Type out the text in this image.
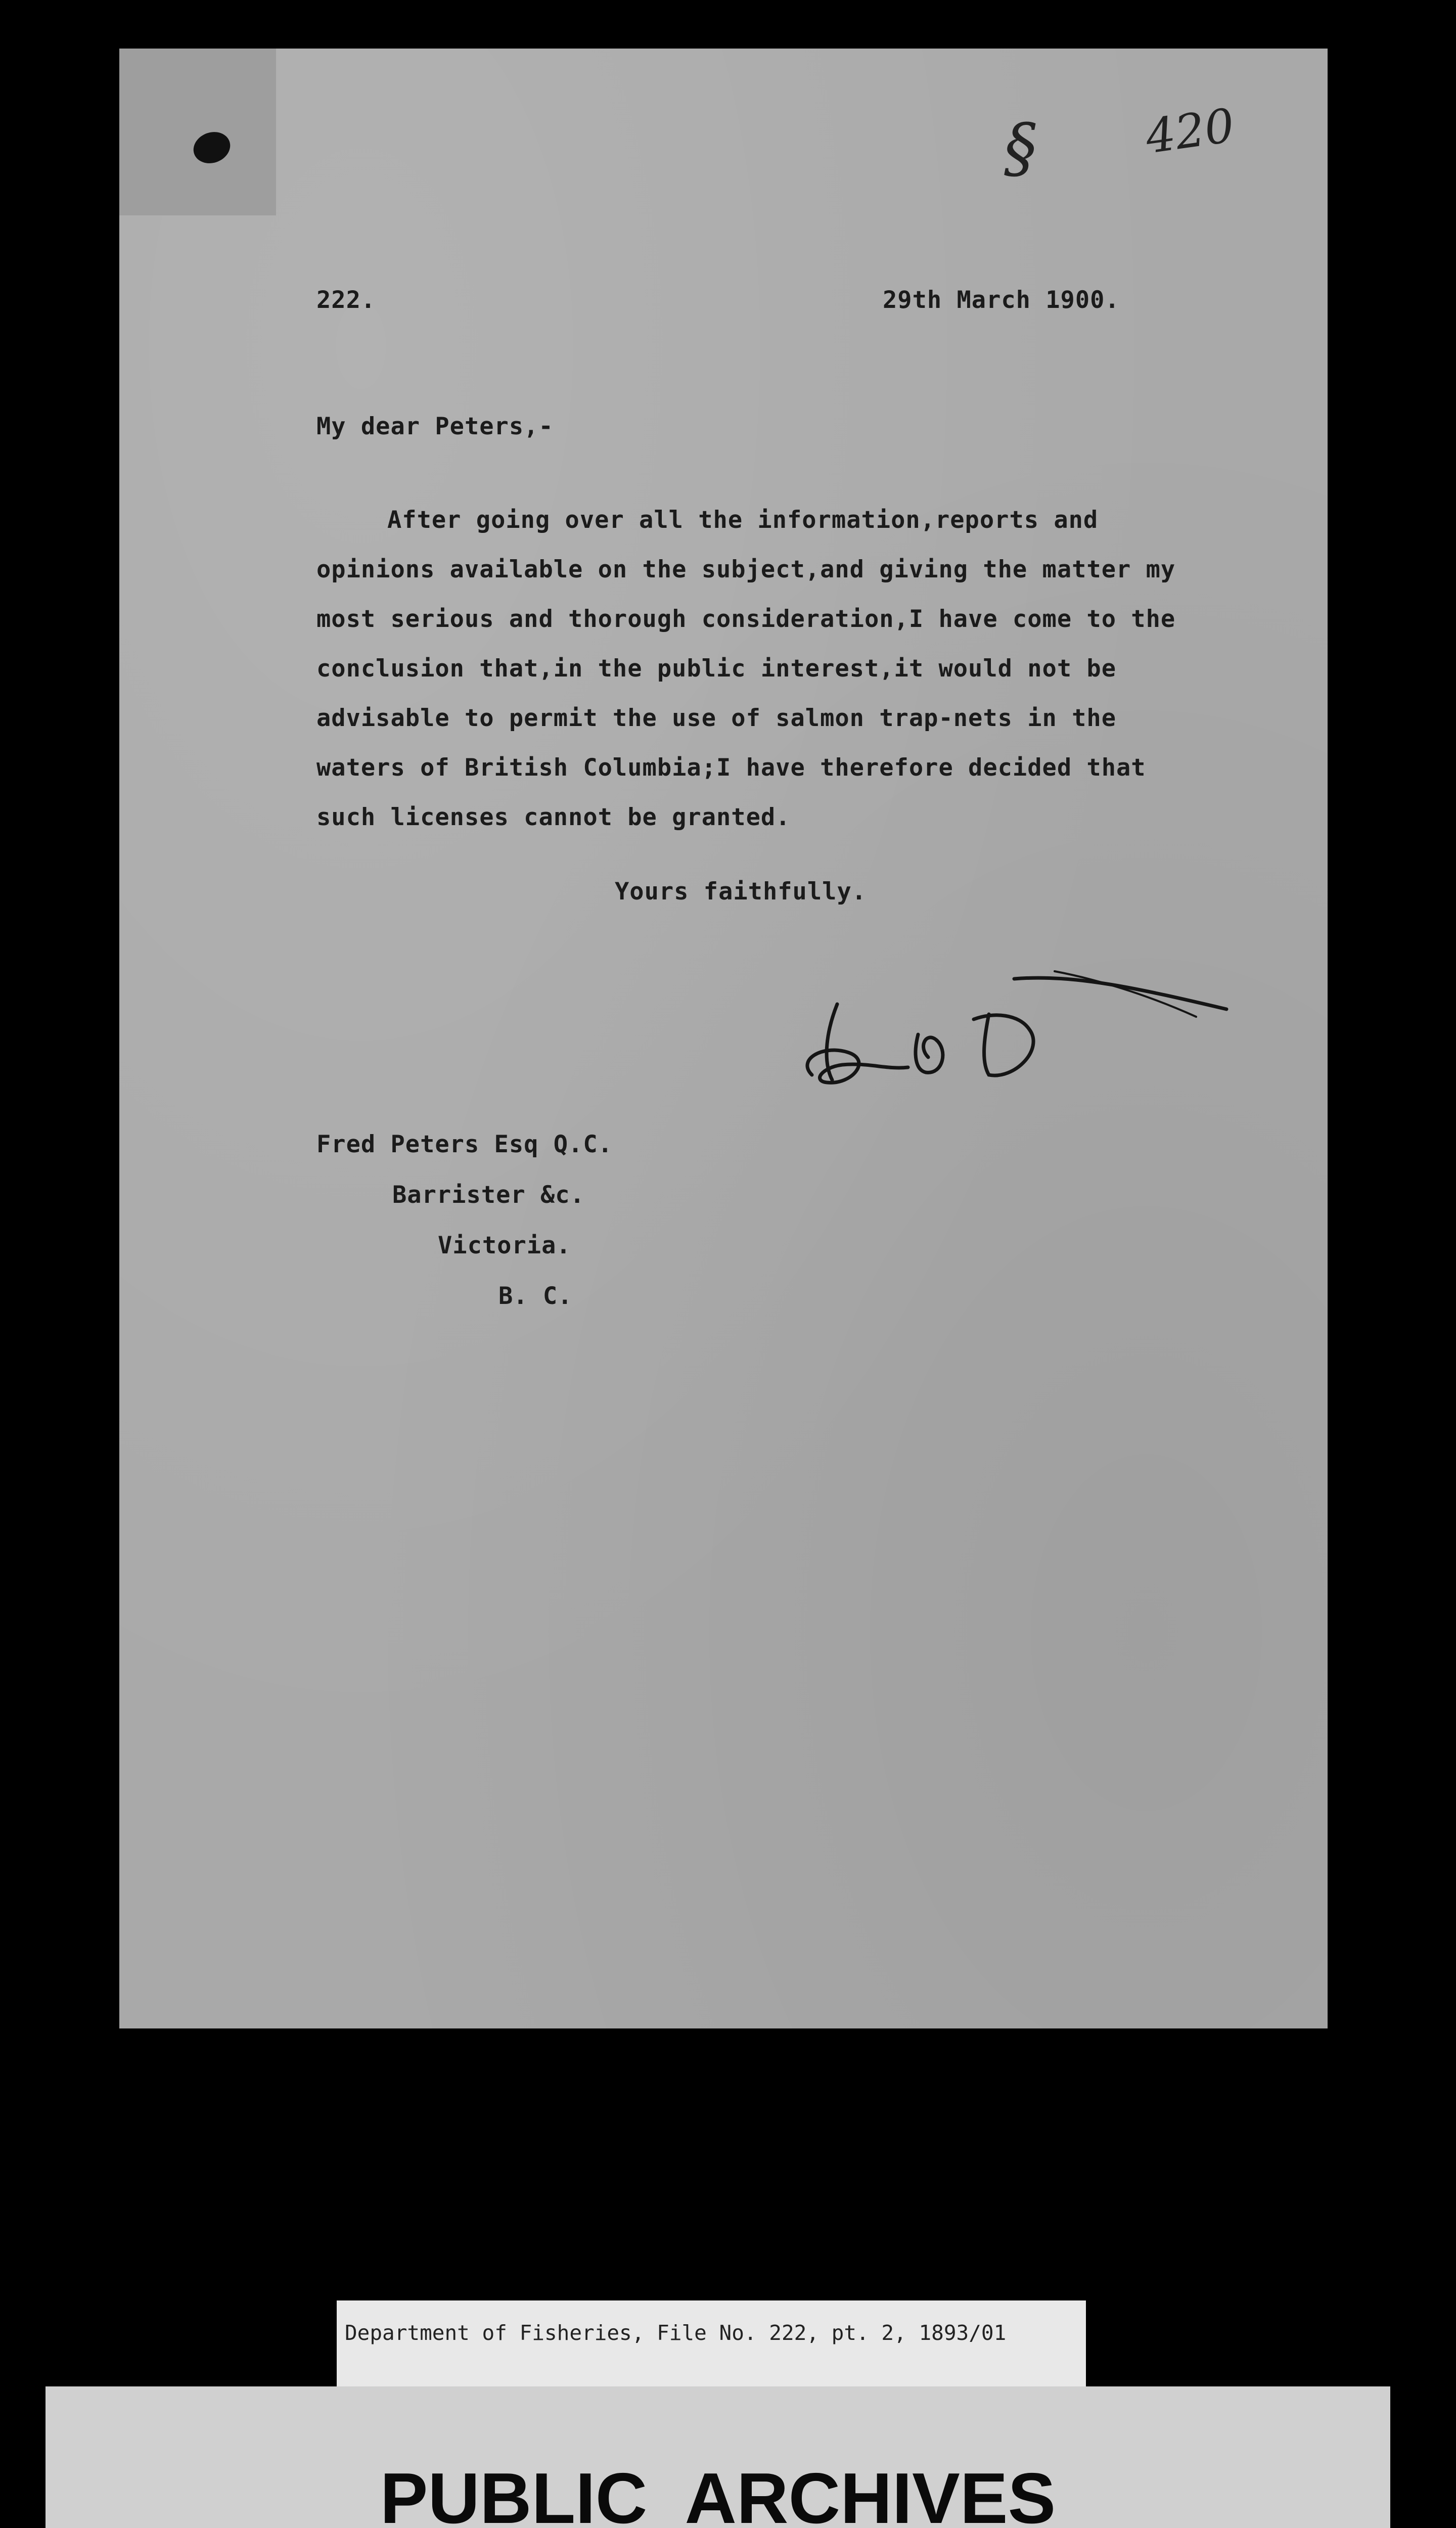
§ 420
222.	29th March 1900.
My dear Peters,-
After going over all the information,reports and
opinions available on the subject,and giving the matter my
most serious and thorough consideration,I have come to the
conclusion that,in the public interest,it would not be
advisable to permit the use of salmon trap-nets in the
waters of British Columbia;I have therefore decided that
such licenses cannot be granted.
Yours faithfully.
Fred Peters Esq Q.C.
Barrister &c.
Victoria.
B. C.
Department of Fisheries, File No. 222, pt. 2, 1893/01
PUBLIC ARCHIVES
